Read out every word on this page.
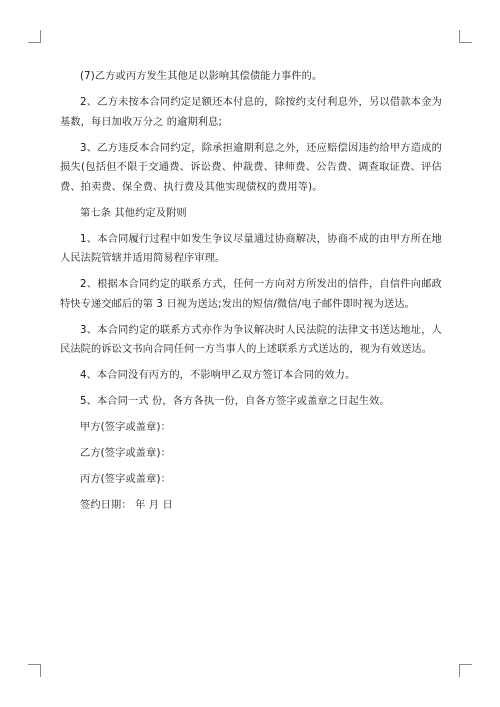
(7)乙方或丙方发生其他足以影响其偿债能力事件的。

2、乙方未按本合同约定足额还本付息的，除按约支付利息外，另以借款本金为基数，每日加收万分之 的逾期利息;

3、乙方违反本合同约定，除承担逾期利息之外，还应赔偿因违约给甲方造成的损失(包括但不限于交通费、诉讼费、仲裁费、律师费、公告费、调查取证费、评估费、拍卖费、保全费、执行费及其他实现债权的费用等)。

第七条 其他约定及附则

1、本合同履行过程中如发生争议尽量通过协商解决，协商不成的由甲方所在地人民法院管辖并适用简易程序审理。

2、根据本合同约定的联系方式，任何一方向对方所发出的信件，自信件向邮政特快专递交邮后的第 3 日视为送达;发出的短信/微信/电子邮件即时视为送达。

3、本合同约定的联系方式亦作为争议解决时人民法院的法律文书送达地址，人民法院的诉讼文书向合同任何一方当事人的上述联系方式送达的，视为有效送达。

4、本合同没有丙方的，不影响甲乙双方签订本合同的效力。

5、本合同一式 份，各方各执一份，自各方签字或盖章之日起生效。

甲方(签字或盖章)：

乙方(签字或盖章)：

丙方(签字或盖章)：

签约日期： 年 月 日
